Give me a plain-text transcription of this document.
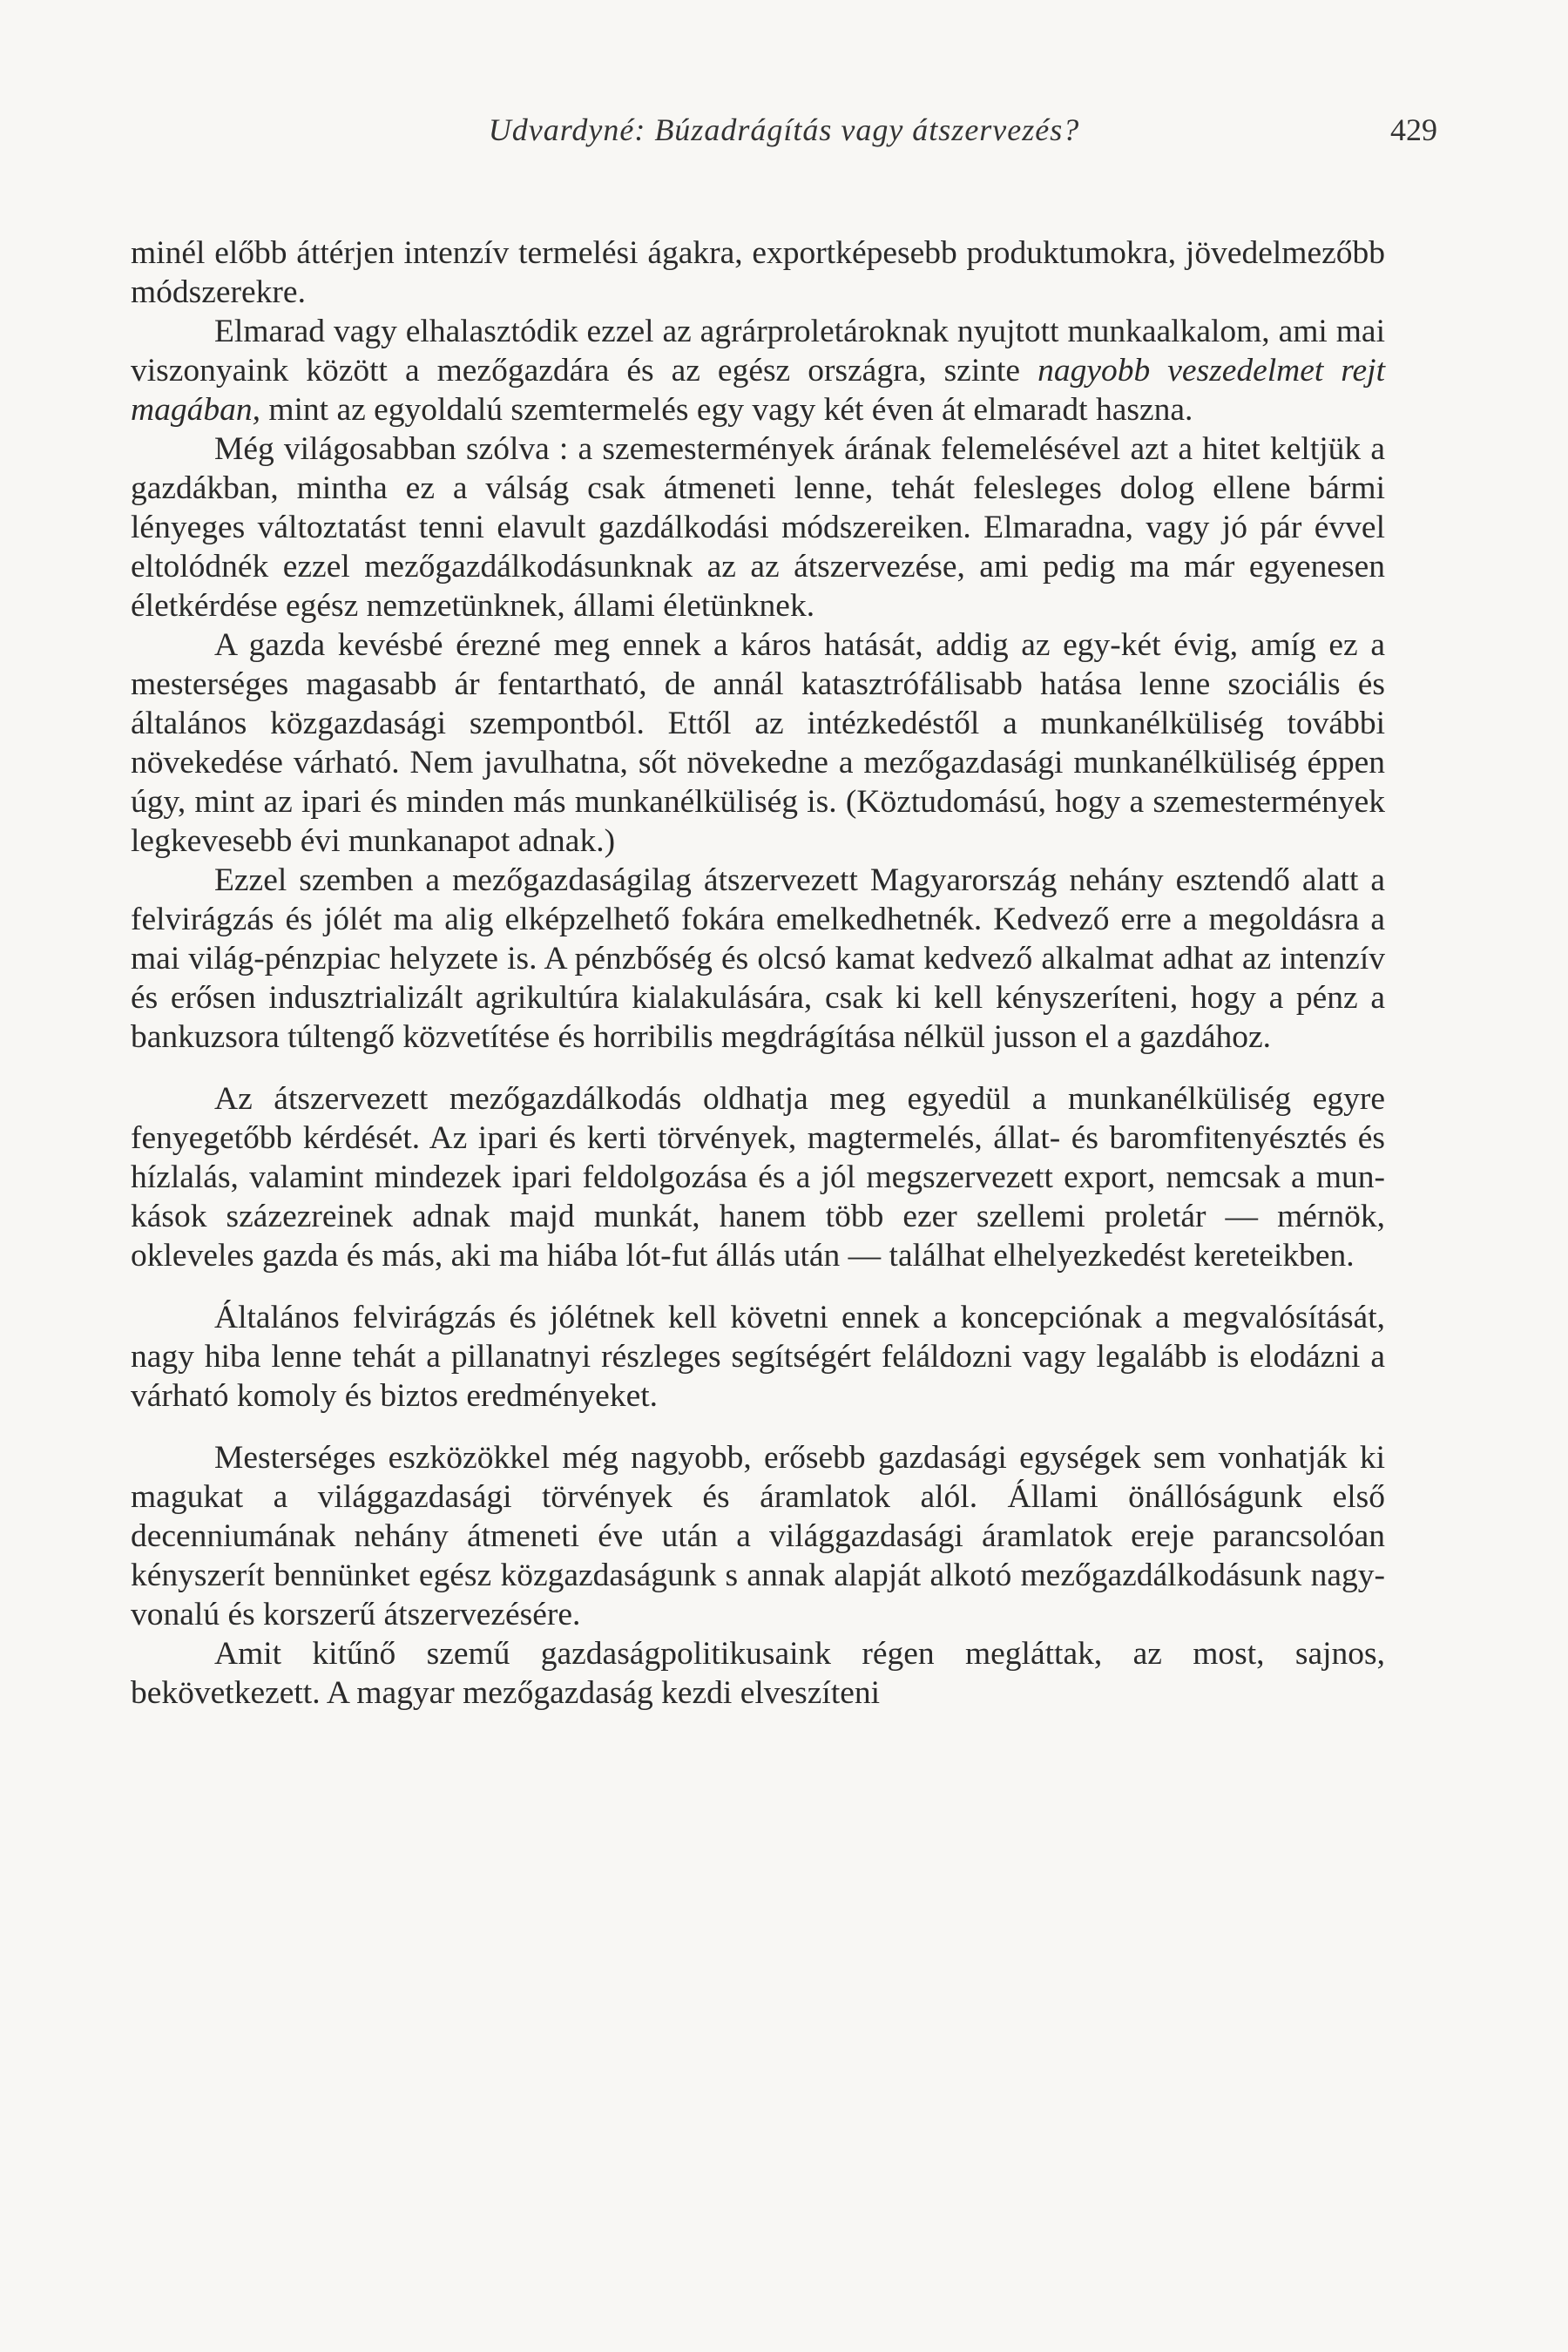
Udvardyné: Búzadrágítás vagy átszervezés?	429

minél előbb áttérjen intenzív termelési ágakra, exportképesebb produktumokra, jövedelmezőbb módszerekre.

Elmarad vagy elhalasztódik ezzel az agrárproletároknak nyujtott munkaalkalom, ami mai viszonyaink között a mezőgazdára és az egész országra, szinte nagyobb veszedelmet rejt magában, mint az egyoldalú szemtermelés egy vagy két éven át elmaradt haszna.

Még világosabban szólva : a szemestermények árának felemelésével azt a hitet keltjük a gazdákban, mintha ez a válság csak átmeneti lenne, tehát felesleges dolog ellene bármi lényeges változtatást tenni elavult gazdálkodási módszereiken. Elmaradna, vagy jó pár évvel eltolódnék ezzel mezőgazdálkodásunknak az az átszervezése, ami pedig ma már egyenesen életkérdése egész nemzetünknek, állami életünknek.

A gazda kevésbé érezné meg ennek a káros hatását, addig az egy-két évig, amíg ez a mesterséges magasabb ár fentartható, de annál katasztrófálisabb hatása lenne szociális és általános közgazdasági szempontból. Ettől az intézkedéstől a munkanélküliség további növekedése várható. Nem javulhatna, sőt növekedne a mezőgazdasági munkanélküliség éppen úgy, mint az ipari és minden más munkanélküliség is. (Köztudomású, hogy a szemestermények legkevesebb évi munkanapot adnak.)

Ezzel szemben a mezőgazdaságilag átszervezett Magyarország nehány esztendő alatt a felvirágzás és jólét ma alig elképzelhető fokára emelkedhetnék. Kedvező erre a megoldásra a mai világ-pénzpiac helyzete is. A pénzbőség és olcsó kamat kedvező alkalmat adhat az intenzív és erősen indusztrializált agrikultúra kialakulására, csak ki kell kényszeríteni, hogy a pénz a bankuzsora túltengő közvetítése és horribilis megdrágítása nélkül jusson el a gazdához.

Az átszervezett mezőgazdálkodás oldhatja meg egyedül a munkanélküliség egyre fenyegetőbb kérdését. Az ipari és kerti törvények, magtermelés, állat- és baromfitenyésztés és hízlalás, valamint mindezek ipari feldolgozása és a jól megszervezett export, nemcsak a munkások százezreinek adnak majd munkát, hanem több ezer szellemi proletár — mérnök, okleveles gazda és más, aki ma hiába lót-fut állás után — találhat elhelyezkedést kereteikben.

Általános felvirágzás és jólétnek kell követni ennek a koncepciónak a megvalósítását, nagy hiba lenne tehát a pillanatnyi részleges segítségért feláldozni vagy legalább is elodázni a várható komoly és biztos eredményeket.

Mesterséges eszközökkel még nagyobb, erősebb gazdasági egységek sem vonhatják ki magukat a világgazdasági törvények és áramlatok alól. Állami önállóságunk első decenniumának nehány átmeneti éve után a világgazdasági áramlatok ereje parancsolóan kényszerít bennünket egész közgazdaságunk s annak alapját alkotó mezőgazdálkodásunk nagyvonalú és korszerű átszervezésére.

Amit kitűnő szemű gazdaságpolitikusaink régen megláttak, az most, sajnos, bekövetkezett. A magyar mezőgazdaság kezdi elveszíteni
